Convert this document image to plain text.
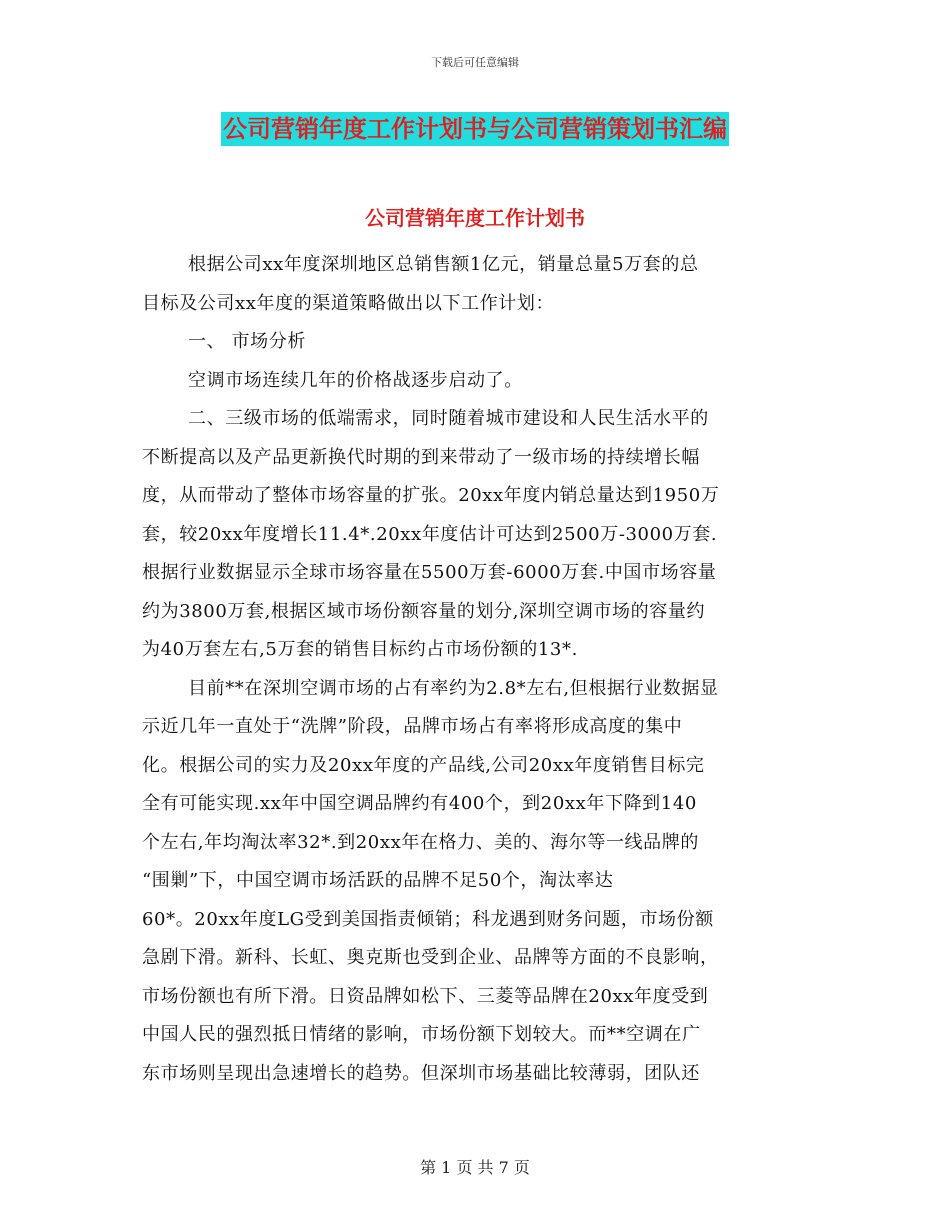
下载后可任意编辑
公司营销年度工作计划书与公司营销策划书汇编
公司营销年度工作计划书
根据公司xx年度深圳地区总销售额1亿元，销量总量5万套的总
目标及公司xx年度的渠道策略做出以下工作计划：
一、 市场分析
空调市场连续几年的价格战逐步启动了。
二、三级市场的低端需求，同时随着城市建设和人民生活水平的
不断提高以及产品更新换代时期的到来带动了一级市场的持续增长幅
度，从而带动了整体市场容量的扩张。20xx年度内销总量达到1950万
套，较20xx年度增长11.4*.20xx年度估计可达到2500万-3000万套.
根据行业数据显示全球市场容量在5500万套-6000万套.中国市场容量
约为3800万套,根据区域市场份额容量的划分,深圳空调市场的容量约
为40万套左右,5万套的销售目标约占市场份额的13*.
目前**在深圳空调市场的占有率约为2.8*左右,但根据行业数据显
示近几年一直处于“洗牌”阶段，品牌市场占有率将形成高度的集中
化。根据公司的实力及20xx年度的产品线,公司20xx年度销售目标完
全有可能实现.xx年中国空调品牌约有400个，到20xx年下降到140
个左右,年均淘汰率32*.到20xx年在格力、美的、海尔等一线品牌的
“围剿”下，中国空调市场活跃的品牌不足50个，淘汰率达
60*。20xx年度LG受到美国指责倾销；科龙遇到财务问题，市场份额
急剧下滑。新科、长虹、奥克斯也受到企业、品牌等方面的不良影响，
市场份额也有所下滑。日资品牌如松下、三菱等品牌在20xx年度受到
中国人民的强烈抵日情绪的影响，市场份额下划较大。而**空调在广
东市场则呈现出急速增长的趋势。但深圳市场基础比较薄弱，团队还
第 1 页 共 7 页
